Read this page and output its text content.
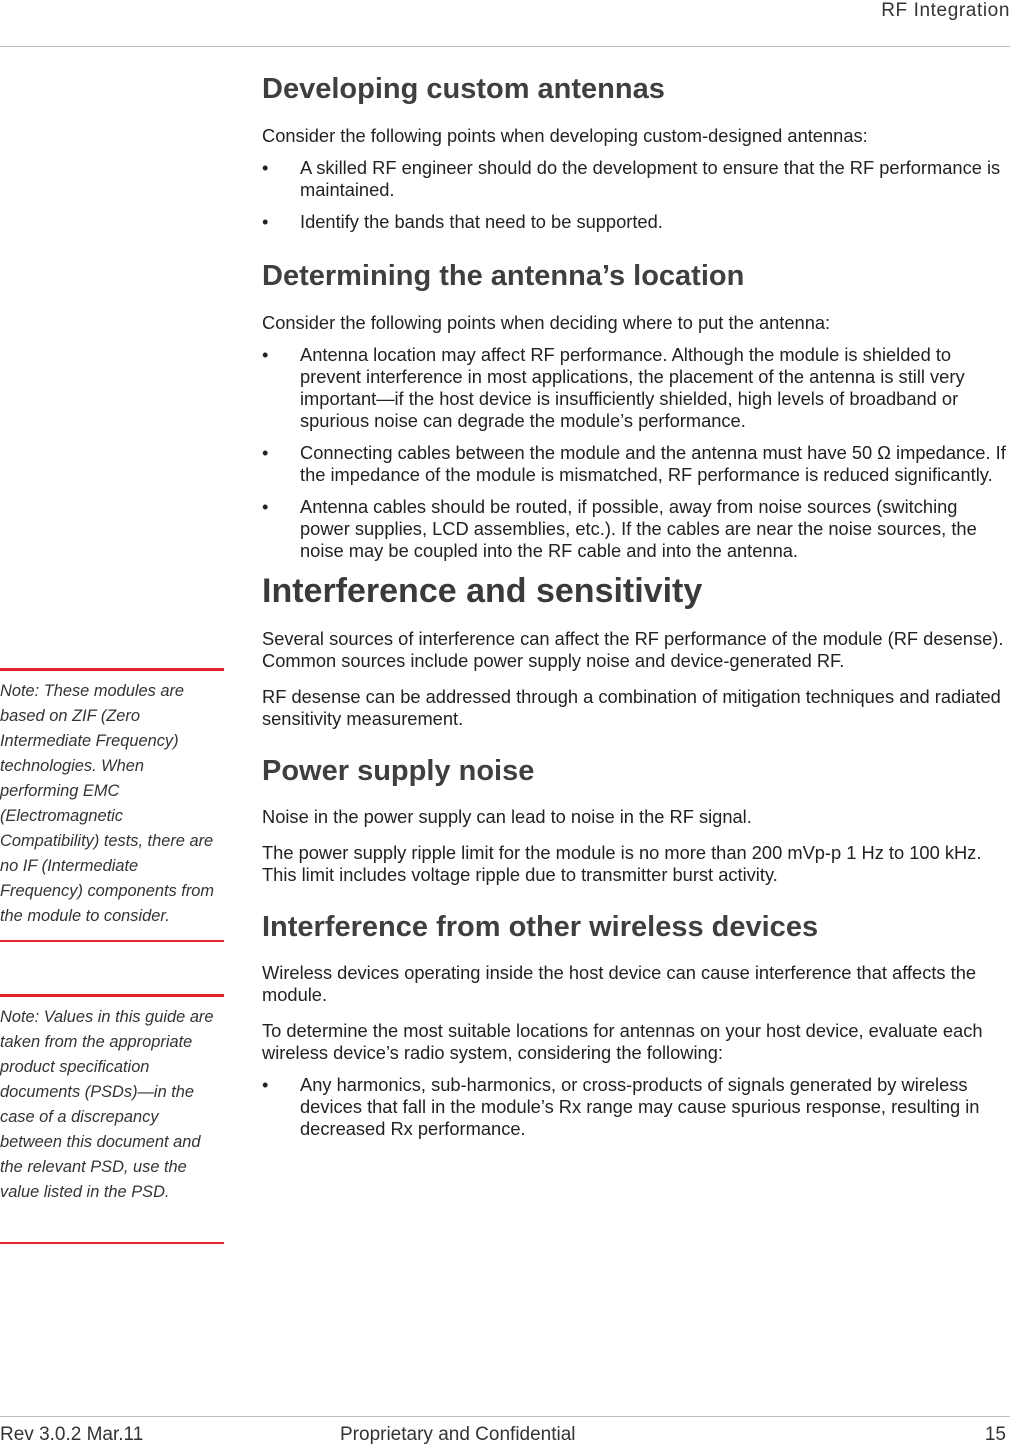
RF Integration
Note: These modules are based on ZIF (Zero Intermediate Frequency) technologies. When performing EMC (Electromagnetic Compatibility) tests, there are no IF (Intermediate Frequency) components from the module to consider.
Note: Values in this guide are taken from the appropriate product specification documents (PSDs)—in the case of a discrepancy between this document and the relevant PSD, use the value listed in the PSD.
Developing custom antennas

Consider the following points when developing custom-designed antennas:

• A skilled RF engineer should do the development to ensure that the RF performance is maintained.
• Identify the bands that need to be supported.
Determining the antenna’s location

Consider the following points when deciding where to put the antenna:

• Antenna location may affect RF performance. Although the module is shielded to prevent interference in most applications, the placement of the antenna is still very important—if the host device is insufficiently shielded, high levels of broadband or spurious noise can degrade the module’s performance.
• Connecting cables between the module and the antenna must have 50 Ω impedance. If the impedance of the module is mismatched, RF performance is reduced significantly.
• Antenna cables should be routed, if possible, away from noise sources (switching power supplies, LCD assemblies, etc.). If the cables are near the noise sources, the noise may be coupled into the RF cable and into the antenna.
Interference and sensitivity

Several sources of interference can affect the RF performance of the module (RF desense). Common sources include power supply noise and device-generated RF.

RF desense can be addressed through a combination of mitigation techniques and radiated sensitivity measurement.

Power supply noise

Noise in the power supply can lead to noise in the RF signal.

The power supply ripple limit for the module is no more than 200 mVp-p 1 Hz to 100 kHz. This limit includes voltage ripple due to transmitter burst activity.

Interference from other wireless devices

Wireless devices operating inside the host device can cause interference that affects the module.

To determine the most suitable locations for antennas on your host device, evaluate each wireless device’s radio system, considering the following:

• Any harmonics, sub-harmonics, or cross-products of signals generated by wireless devices that fall in the module’s Rx range may cause spurious response, resulting in decreased Rx performance.
Rev 3.0.2 Mar.11	Proprietary and Confidential	15
